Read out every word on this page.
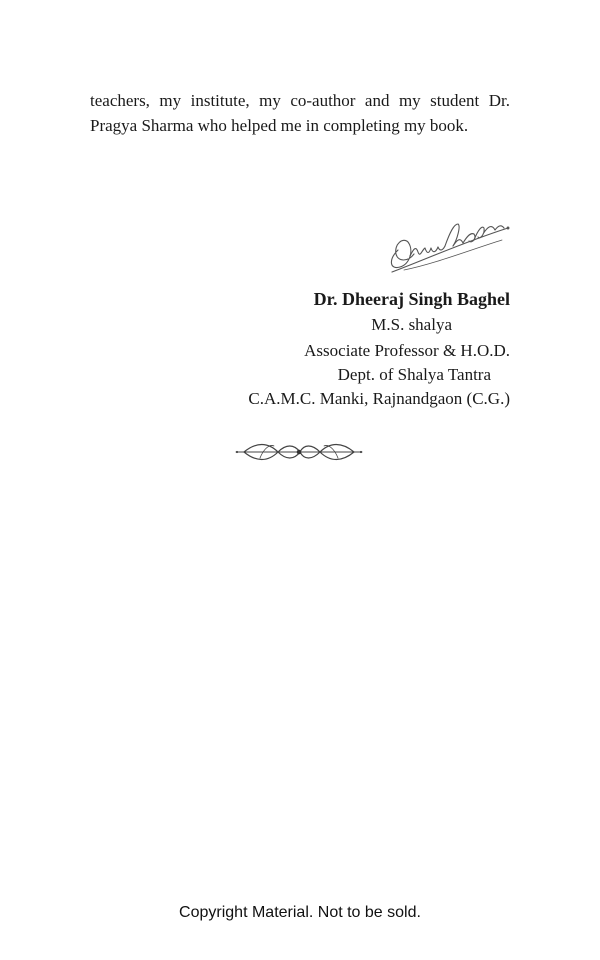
teachers, my institute, my co-author and my student Dr.
Pragya Sharma who helped me in completing my book.

Dr. Dheeraj Singh Baghel
M.S. shalya
Associate Professor & H.O.D.
Dept. of Shalya Tantra
C.A.M.C. Manki, Rajnandgaon (C.G.)
Copyright Material. Not to be sold.
